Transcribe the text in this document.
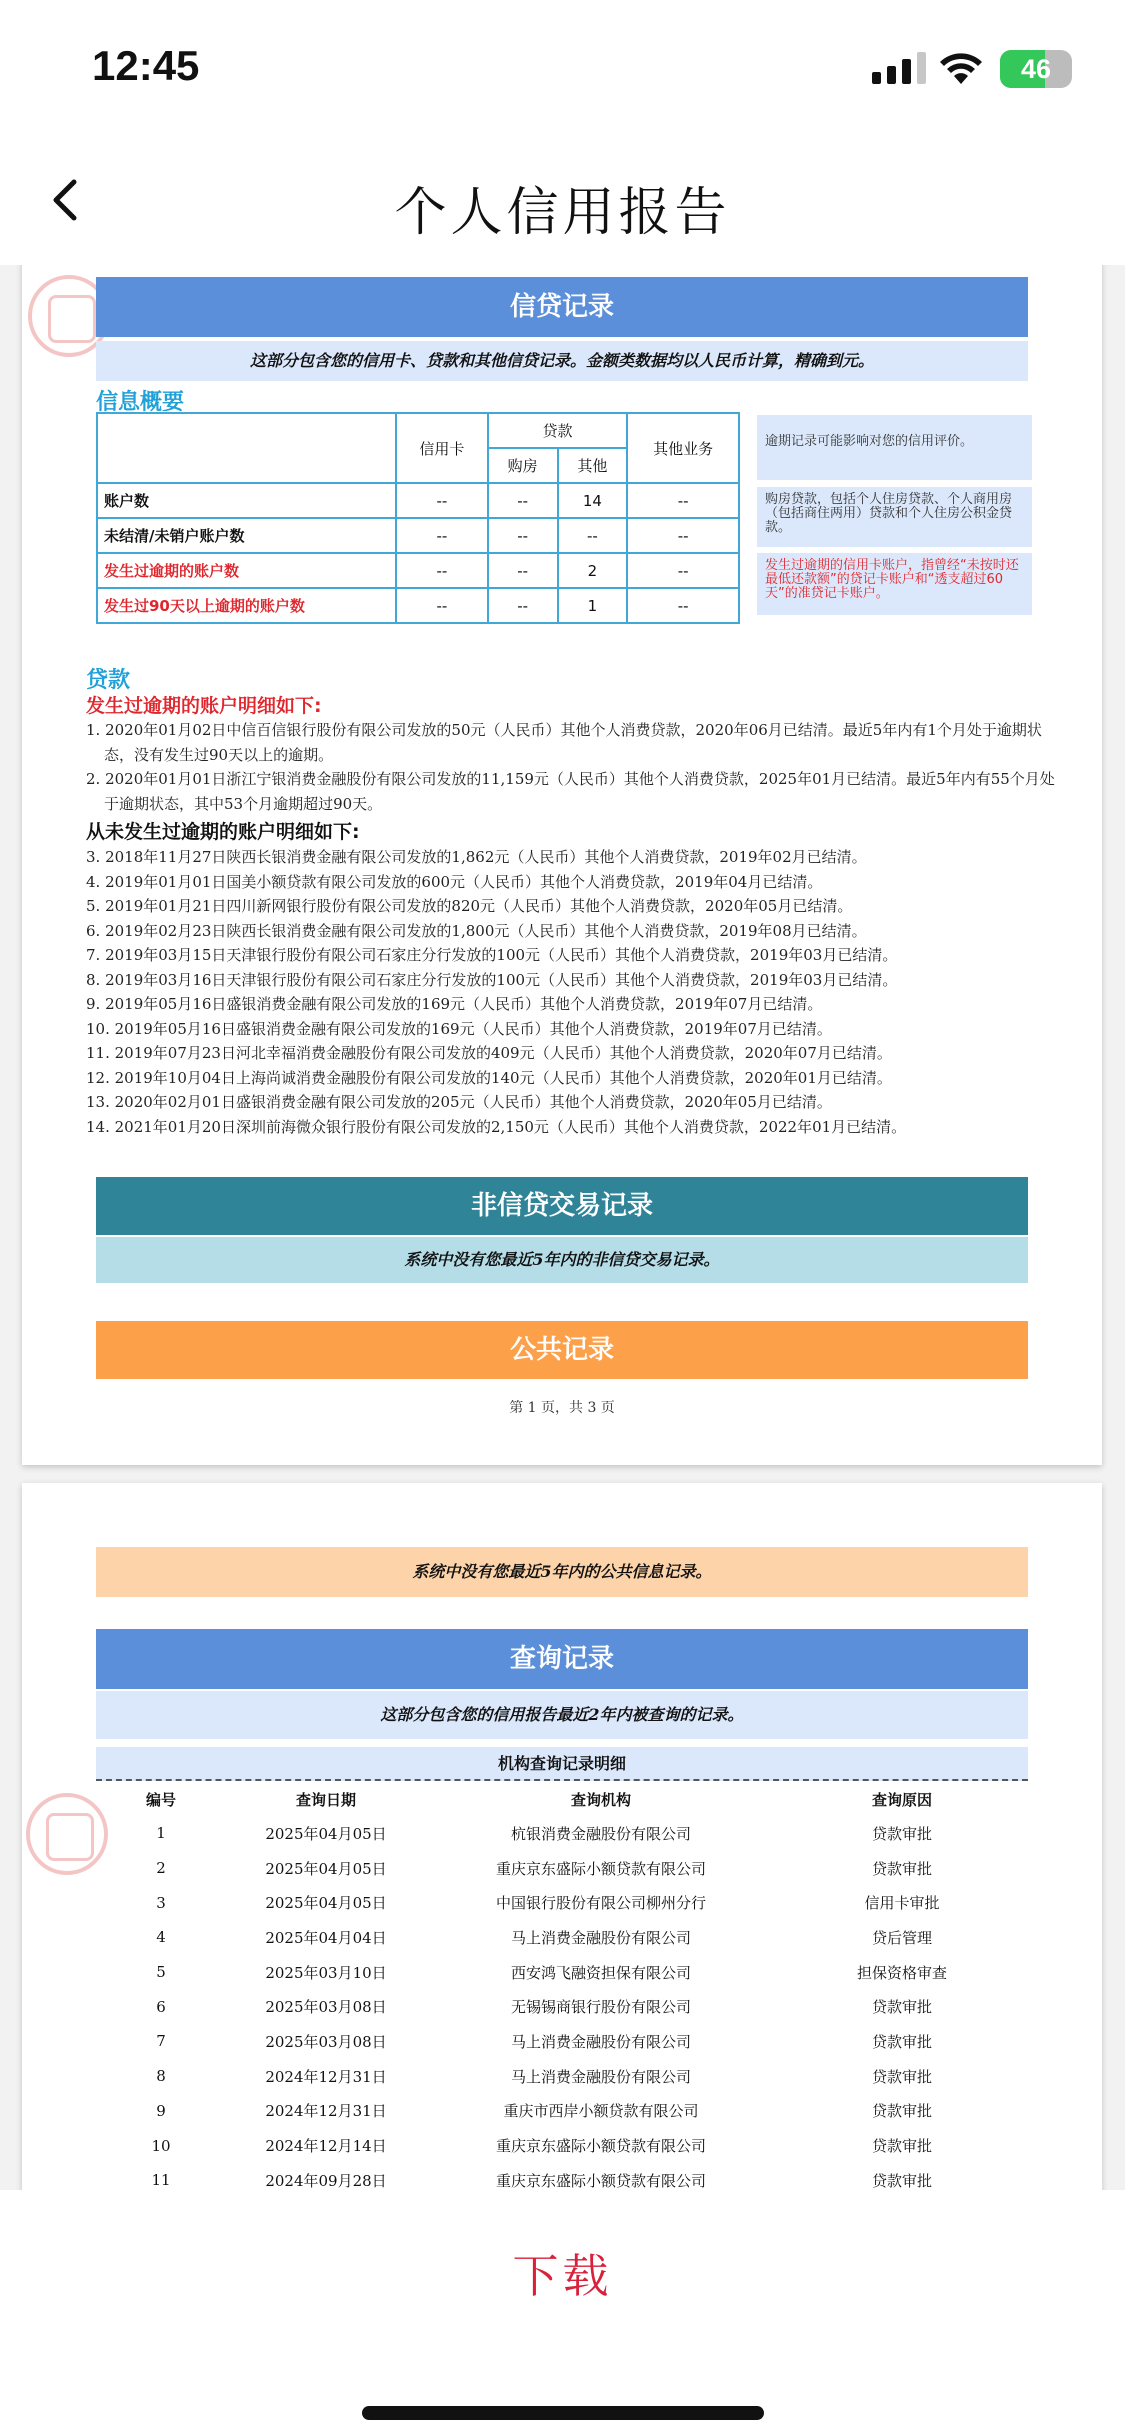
12:45	46
个人信用报告
信贷记录
这部分包含您的信用卡、贷款和其他信贷记录。金额类数据均以人民币计算，精确到元。
信息概要
	信用卡	贷款		其他业务
		购房	其他	
账户数	--	--	14	--
未结清/未销户账户数	--	--	--	--
发生过逾期的账户数	--	--	2	--
发生过90天以上逾期的账户数	--	--	1	--
逾期记录可能影响对您的信用评价。
购房贷款，包括个人住房贷款、个人商用房（包括商住两用）贷款和个人住房公积金贷款。
发生过逾期的信用卡账户，指曾经“未按时还最低还款额”的贷记卡账户和“透支超过60天”的准贷记卡账户。
贷款
发生过逾期的账户明细如下:
1. 2020年01月02日中信百信银行股份有限公司发放的50元（人民币）其他个人消费贷款，2020年06月已结清。最近5年内有1个月处于逾期状态，没有发生过90天以上的逾期。
2. 2020年01月01日浙江宁银消费金融股份有限公司发放的11,159元（人民币）其他个人消费贷款，2025年01月已结清。最近5年内有55个月处于逾期状态，其中53个月逾期超过90天。
从未发生过逾期的账户明细如下:
3. 2018年11月27日陕西长银消费金融有限公司发放的1,862元（人民币）其他个人消费贷款，2019年02月已结清。
4. 2019年01月01日国美小额贷款有限公司发放的600元（人民币）其他个人消费贷款，2019年04月已结清。
5. 2019年01月21日四川新网银行股份有限公司发放的820元（人民币）其他个人消费贷款，2020年05月已结清。
6. 2019年02月23日陕西长银消费金融有限公司发放的1,800元（人民币）其他个人消费贷款，2019年08月已结清。
7. 2019年03月15日天津银行股份有限公司石家庄分行发放的100元（人民币）其他个人消费贷款，2019年03月已结清。
8. 2019年03月16日天津银行股份有限公司石家庄分行发放的100元（人民币）其他个人消费贷款，2019年03月已结清。
9. 2019年05月16日盛银消费金融有限公司发放的169元（人民币）其他个人消费贷款，2019年07月已结清。
10. 2019年05月16日盛银消费金融有限公司发放的169元（人民币）其他个人消费贷款，2019年07月已结清。
11. 2019年07月23日河北幸福消费金融股份有限公司发放的409元（人民币）其他个人消费贷款，2020年07月已结清。
12. 2019年10月04日上海尚诚消费金融股份有限公司发放的140元（人民币）其他个人消费贷款，2020年01月已结清。
13. 2020年02月01日盛银消费金融有限公司发放的205元（人民币）其他个人消费贷款，2020年05月已结清。
14. 2021年01月20日深圳前海微众银行股份有限公司发放的2,150元（人民币）其他个人消费贷款，2022年01月已结清。
非信贷交易记录
系统中没有您最近5年内的非信贷交易记录。
公共记录
第 1 页，共 3 页
系统中没有您最近5年内的公共信息记录。
查询记录
这部分包含您的信用报告最近2年内被查询的记录。
机构查询记录明细
编号	查询日期	查询机构	查询原因
1	2025年04月05日	杭银消费金融股份有限公司	贷款审批
2	2025年04月05日	重庆京东盛际小额贷款有限公司	贷款审批
3	2025年04月05日	中国银行股份有限公司柳州分行	信用卡审批
4	2025年04月04日	马上消费金融股份有限公司	贷后管理
5	2025年03月10日	西安鸿飞融资担保有限公司	担保资格审查
6	2025年03月08日	无锡锡商银行股份有限公司	贷款审批
7	2025年03月08日	马上消费金融股份有限公司	贷款审批
8	2024年12月31日	马上消费金融股份有限公司	贷款审批
9	2024年12月31日	重庆市西岸小额贷款有限公司	贷款审批
10	2024年12月14日	重庆京东盛际小额贷款有限公司	贷款审批
11	2024年09月28日	重庆京东盛际小额贷款有限公司	贷款审批
下载
